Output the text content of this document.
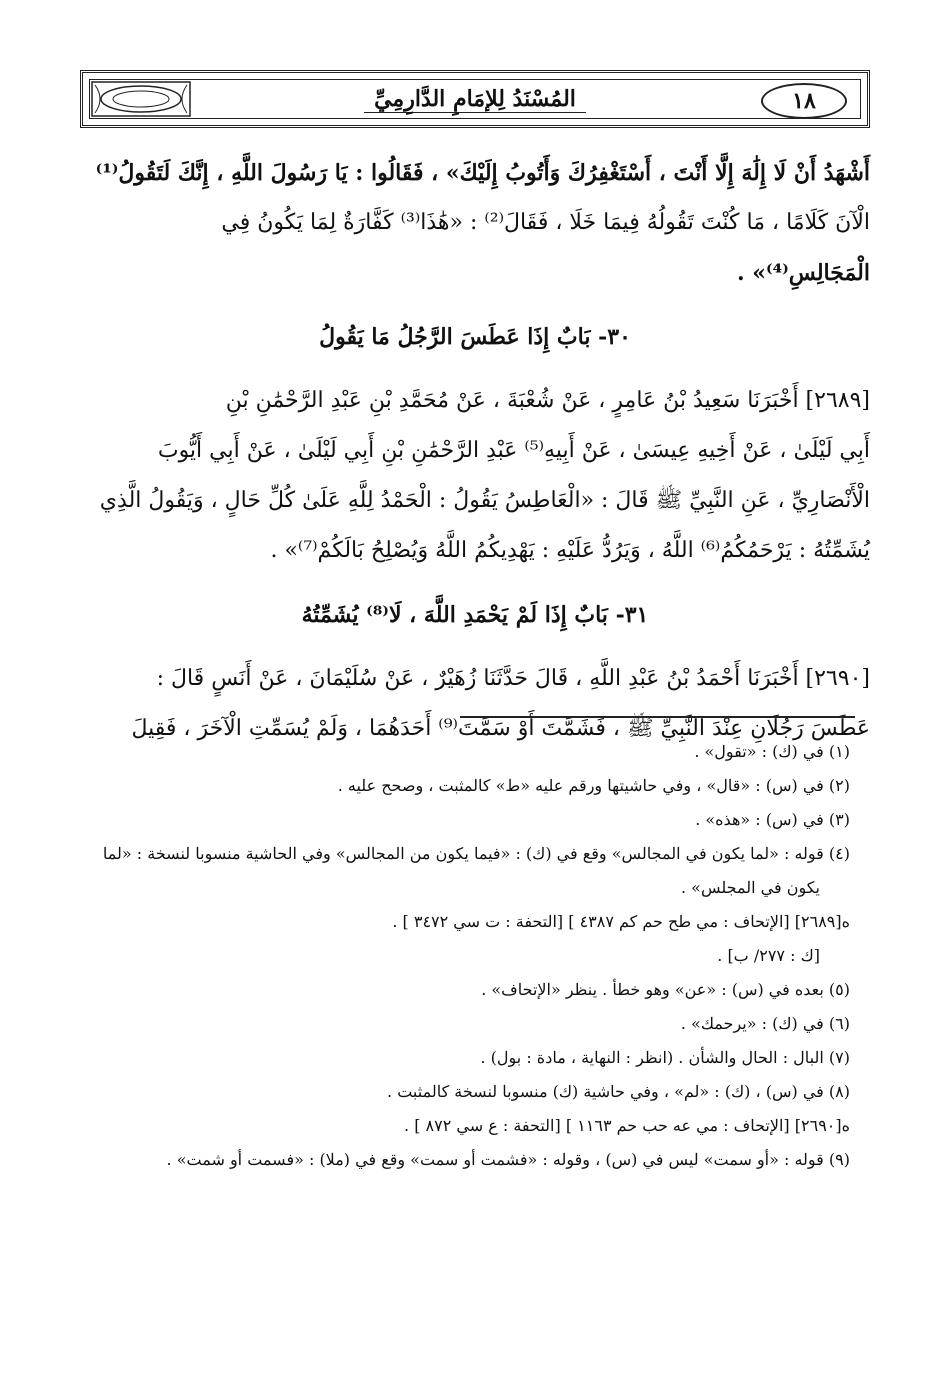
المُسْنَدُ لِلإمَامِ الدَّارِمِيِّ	١٨

أَشْهَدُ أَنْ لَا إِلَٰهَ إِلَّا أَنْتَ ، أَسْتَغْفِرُكَ وَأَتُوبُ إِلَيْكَ» ، فَقَالُوا : يَا رَسُولَ اللَّهِ ، إِنَّكَ لَتَقُولُ⁽¹⁾

الْآنَ كَلَامًا ، مَا كُنْتَ تَقُولُهُ فِيمَا خَلَا ، فَقَالَ⁽²⁾ : «هَٰذَا⁽³⁾ كَفَّارَةٌ لِمَا يَكُونُ فِي

الْمَجَالِسِ⁽⁴⁾» .

٣٠- بَابٌ إِذَا عَطَسَ الرَّجُلُ مَا يَقُولُ

[٢٦٨٩] أَخْبَرَنَا سَعِيدُ بْنُ عَامِرٍ ، عَنْ شُعْبَةَ ، عَنْ مُحَمَّدِ بْنِ عَبْدِ الرَّحْمَٰنِ بْنِ

أَبِي لَيْلَىٰ ، عَنْ أَخِيهِ عِيسَىٰ ، عَنْ أَبِيهِ⁽⁵⁾ عَبْدِ الرَّحْمَٰنِ بْنِ أَبِي لَيْلَىٰ ، عَنْ أَبِي أَيُّوبَ

الْأَنْصَارِيِّ ، عَنِ النَّبِيِّ ﷺ قَالَ : «الْعَاطِسُ يَقُولُ : الْحَمْدُ لِلَّهِ عَلَىٰ كُلِّ حَالٍ ، وَيَقُولُ الَّذِي

يُشَمِّتُهُ : يَرْحَمُكُمُ⁽⁶⁾ اللَّهُ ، وَيَرُدُّ عَلَيْهِ : يَهْدِيكُمُ اللَّهُ وَيُصْلِحُ بَالَكُمْ⁽⁷⁾» .

٣١- بَابٌ إِذَا لَمْ يَحْمَدِ اللَّهَ ، لَا⁽⁸⁾ يُشَمِّتُهُ

[٢٦٩٠] أَخْبَرَنَا أَحْمَدُ بْنُ عَبْدِ اللَّهِ ، قَالَ حَدَّثَنَا زُهَيْرٌ ، عَنْ سُلَيْمَانَ ، عَنْ أَنَسٍ قَالَ :

عَطَسَ رَجُلَانِ عِنْدَ النَّبِيِّ ﷺ ، فَشَمَّتَ أَوْ سَمَّتَ⁽⁹⁾ أَحَدَهُمَا ، وَلَمْ يُسَمِّتِ الْآخَرَ ، فَقِيلَ

(١) في (ك) : «تقول» .
(٢) في (س) : «قال» ، وفي حاشيتها ورقم عليه «ط» كالمثبت ، وصحح عليه .
(٣) في (س) : «هذه» .
(٤) قوله : «لما يكون في المجالس» وقع في (ك) : «فيما يكون من المجالس» وفي الحاشية منسوبا لنسخة : «لما
يكون في المجلس» .
ە[٢٦٨٩] [الإتحاف : مي طح حم كم ٤٣٨٧ ] [التحفة : ت سي ٣٤٧٢ ] .
[ك : ٢٧٧/ ب] .
(٥) بعده في (س) : «عن» وهو خطأ . ينظر «الإتحاف» .
(٦) في (ك) : «يرحمك» .
(٧) البال : الحال والشأن . (انظر : النهاية ، مادة : بول) .
(٨) في (س) ، (ك) : «لم» ، وفي حاشية (ك) منسوبا لنسخة كالمثبت .
ە[٢٦٩٠] [الإتحاف : مي عه حب حم ١١٦٣ ] [التحفة : ع سي ٨٧٢ ] .
(٩) قوله : «أو سمت» ليس في (س) ، وقوله : «فشمت أو سمت» وقع في (ملا) : «فسمت أو شمت» .
